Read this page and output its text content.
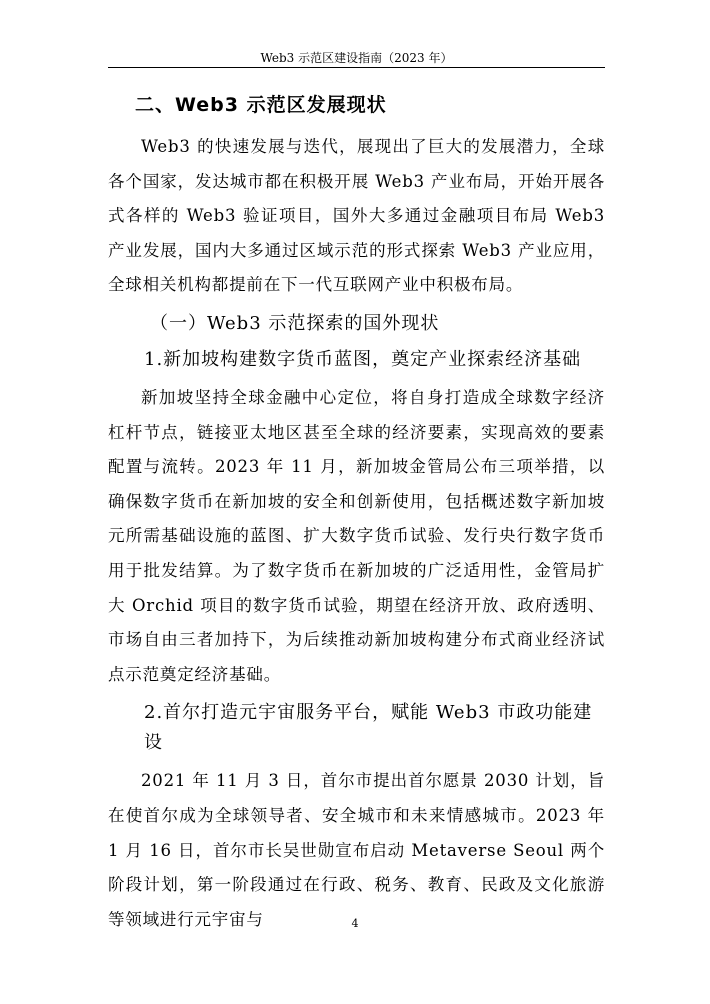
Web3 示范区建设指南（2023 年）
二、Web3 示范区发展现状

Web3 的快速发展与迭代，展现出了巨大的发展潜力，全球各个国家，发达城市都在积极开展 Web3 产业布局，开始开展各式各样的 Web3 验证项目，国外大多通过金融项目布局 Web3 产业发展，国内大多通过区域示范的形式探索 Web3 产业应用，全球相关机构都提前在下一代互联网产业中积极布局。

（一）Web3 示范探索的国外现状
1.新加坡构建数字货币蓝图，奠定产业探索经济基础

新加坡坚持全球金融中心定位，将自身打造成全球数字经济杠杆节点，链接亚太地区甚至全球的经济要素，实现高效的要素配置与流转。2023 年 11 月，新加坡金管局公布三项举措，以确保数字货币在新加坡的安全和创新使用，包括概述数字新加坡元所需基础设施的蓝图、扩大数字货币试验、发行央行数字货币用于批发结算。为了数字货币在新加坡的广泛适用性，金管局扩大 Orchid 项目的数字货币试验，期望在经济开放、政府透明、市场自由三者加持下，为后续推动新加坡构建分布式商业经济试点示范奠定经济基础。

2.首尔打造元宇宙服务平台，赋能 Web3 市政功能建设

2021 年 11 月 3 日，首尔市提出首尔愿景 2030 计划，旨在使首尔成为全球领导者、安全城市和未来情感城市。2023 年 1 月 16 日，首尔市长吴世勋宣布启动 Metaverse Seoul 两个阶段计划，第一阶段通过在行政、税务、教育、民政及文化旅游等领域进行元宇宙与	4
